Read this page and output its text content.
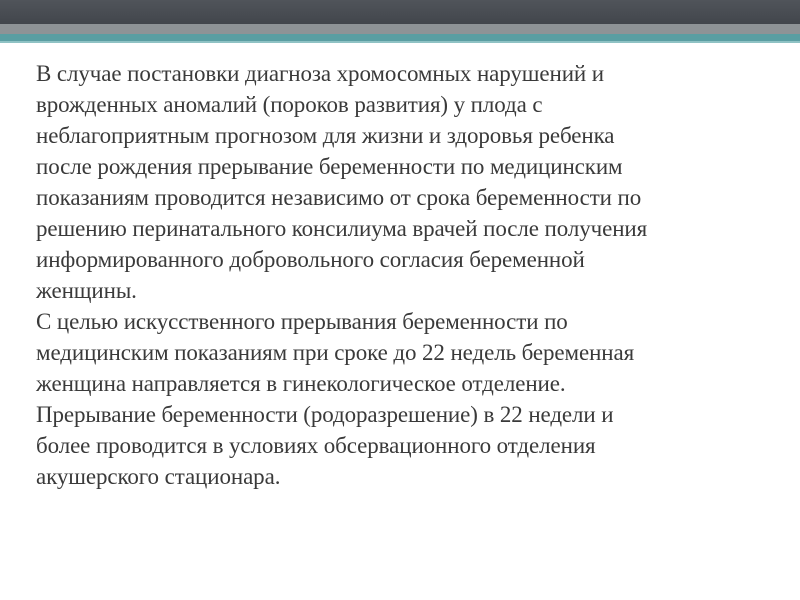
В случае постановки диагноза хромосомных нарушений и
врожденных аномалий (пороков развития) у плода с
неблагоприятным прогнозом для жизни и здоровья ребенка
после рождения прерывание беременности по медицинским
показаниям проводится независимо от срока беременности по
решению перинатального консилиума врачей после получения
информированного добровольного согласия беременной
женщины.
С целью искусственного прерывания беременности по
медицинским показаниям при сроке до 22 недель беременная
женщина направляется в гинекологическое отделение.
Прерывание беременности (родоразрешение) в 22 недели и
более проводится в условиях обсервационного отделения
акушерского стационара.
